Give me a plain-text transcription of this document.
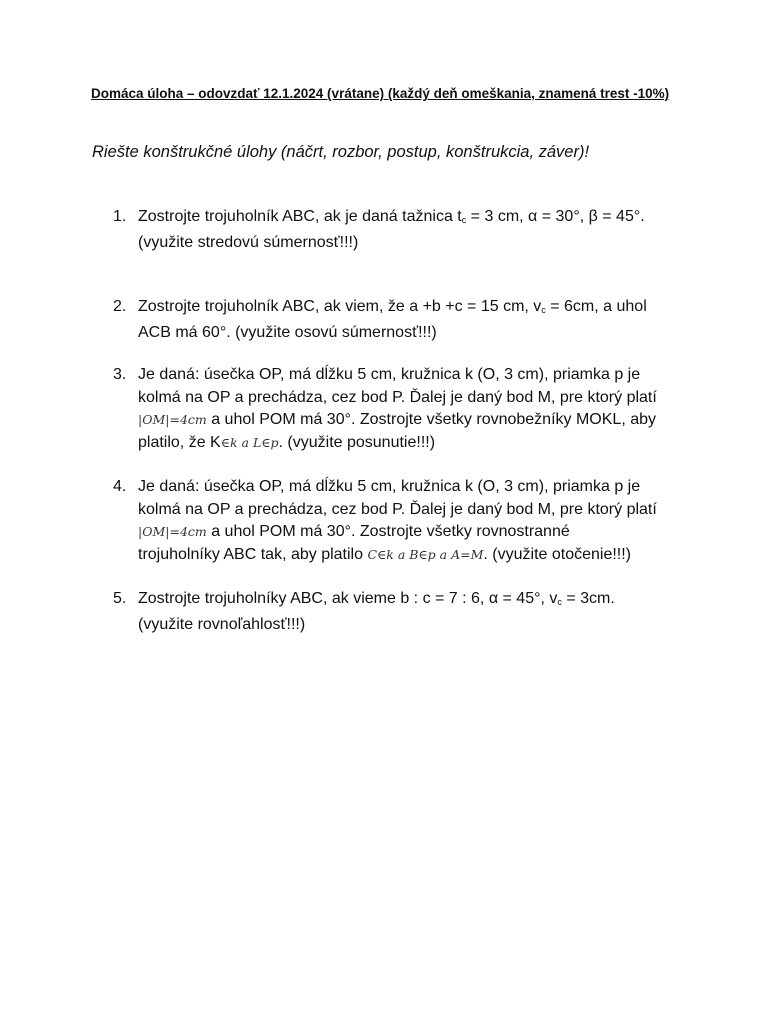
Domáca úloha – odovzdať 12.1.2024 (vrátane) (každý deň omeškania, znamená trest -10%)
Riešte konštrukčné úlohy (náčrt, rozbor, postup, konštrukcia, záver)!
1. Zostrojte trojuholník ABC, ak je daná tažnica $t_c = 3$ cm, α = 30°, β = 45°.
(využite stredovú súmernosť!!!)
2. Zostrojte trojuholník ABC, ak viem, že a +b +c = 15 cm, $v_c = 6cm$, a uhol
ACB má 60°. (využite osovú súmernosť!!!)
3. Je daná: úsečka OP, má dĺžku 5 cm, kružnica k (O, 3 cm), priamka p je
kolmá na OP a prechádza, cez bod P. Ďalej je daný bod M, pre ktorý platí
|OM|=4cm a uhol POM má 30°. Zostrojte všetky rovnobežníky MOKL, aby
platilo, že K∈k a L∈p. (využite posunutie!!!)
4. Je daná: úsečka OP, má dĺžku 5 cm, kružnica k (O, 3 cm), priamka p je
kolmá na OP a prechádza, cez bod P. Ďalej je daný bod M, pre ktorý platí
|OM|=4cm a uhol POM má 30°. Zostrojte všetky rovnostranné
trojuholníky ABC tak, aby platilo C∈k a B∈p a A=M. (využite otočenie!!!)
5. Zostrojte trojuholníky ABC, ak vieme b : c = 7 : 6, α = 45°, $v_c = 3cm$.
(využite rovnoľahlosť!!!)
